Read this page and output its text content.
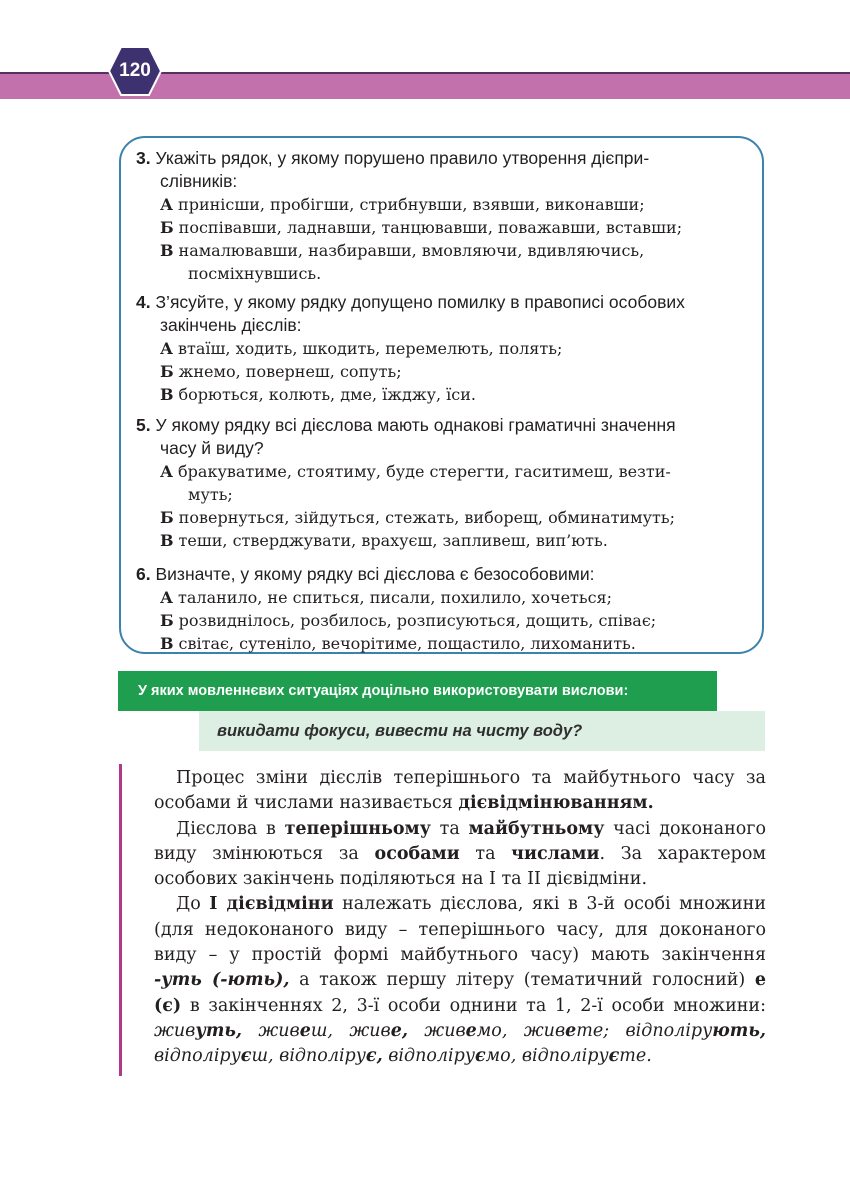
120
3. Укажіть рядок, у якому порушено правило утворення дієпри-
слівників:
А принісши, пробігши, стрибнувши, взявши, виконавши;
Б поспівавши, ладнавши, танцювавши, поважавши, вставши;
В намалювавши, назбиравши, вмовляючи, вдивляючись,
посміхнувшись.
4. З’ясуйте, у якому рядку допущено помилку в правописі особових
закінчень дієслів:
А втаїш, ходить, шкодить, перемелють, полять;
Б жнемо, повернеш, сопуть;
В борються, колють, дме, їжджу, їси.
5. У якому рядку всі дієслова мають однакові граматичні значення
часу й виду?
А бракуватиме, стоятиму, буде стерегти, гаситимеш, везти-
муть;
Б повернуться, зійдуться, стежать, виборещ, обминатимуть;
В теши, стверджувати, врахуєш, запливеш, вип’ють.
6. Визначте, у якому рядку всі дієслова є безособовими:
А таланило, не спиться, писали, похилило, хочеться;
Б розвиднілось, розбилось, розписуються, дощить, співає;
В світає, сутеніло, вечорітиме, пощастило, лихоманить.
У яких мовленнєвих ситуаціях доцільно використовувати вислови:
викидати фокуси, вивести на чисту воду?

Процес зміни дієслів теперішнього та майбутнього часу за особами й числами називається дієвідмінюванням.

Дієслова в теперішньому та майбутньому часі доконаного виду змінюються за особами та числами. За характером особових закінчень поділяються на І та ІІ дієвідміни.

До І дієвідміни належать дієслова, які в 3-й особі множини (для недоконаного виду – теперішнього часу, для доконаного виду – у простій формі майбутнього часу) мають закінчення -уть (-ють), а також першу літеру (тематичний голосний) е (є) в закінченнях 2, 3-ї особи однини та 1, 2-ї особи множини: живуть, живеш, живе, живемо, живете; відполірують, відполіруєш, відполірує, відполіруємо, відполіруєте.
